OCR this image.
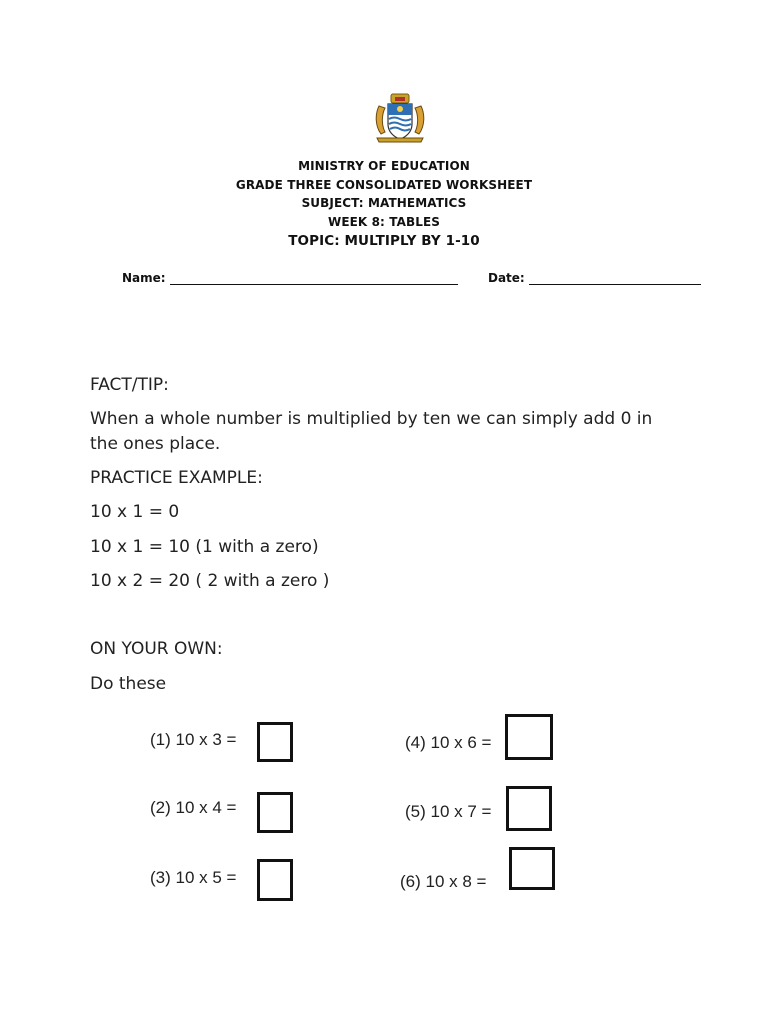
MINISTRY OF EDUCATION
GRADE THREE CONSOLIDATED WORKSHEET
SUBJECT: MATHEMATICS
WEEK 8: TABLES
TOPIC: MULTIPLY BY 1-10
Name:	Date:
FACT/TIP:
When a whole number is multiplied by ten we can simply add 0 in
the ones place.
PRACTICE EXAMPLE:
10 x 1 = 0
10 x 1 = 10 (1 with a zero)
10 x 2 = 20 ( 2 with a zero )
ON YOUR OWN:
Do these
(1) 10 x 3 =
(2) 10 x 4 =
(3) 10 x 5 =
(4) 10 x 6 =
(5) 10 x 7 =
(6) 10 x 8 =
